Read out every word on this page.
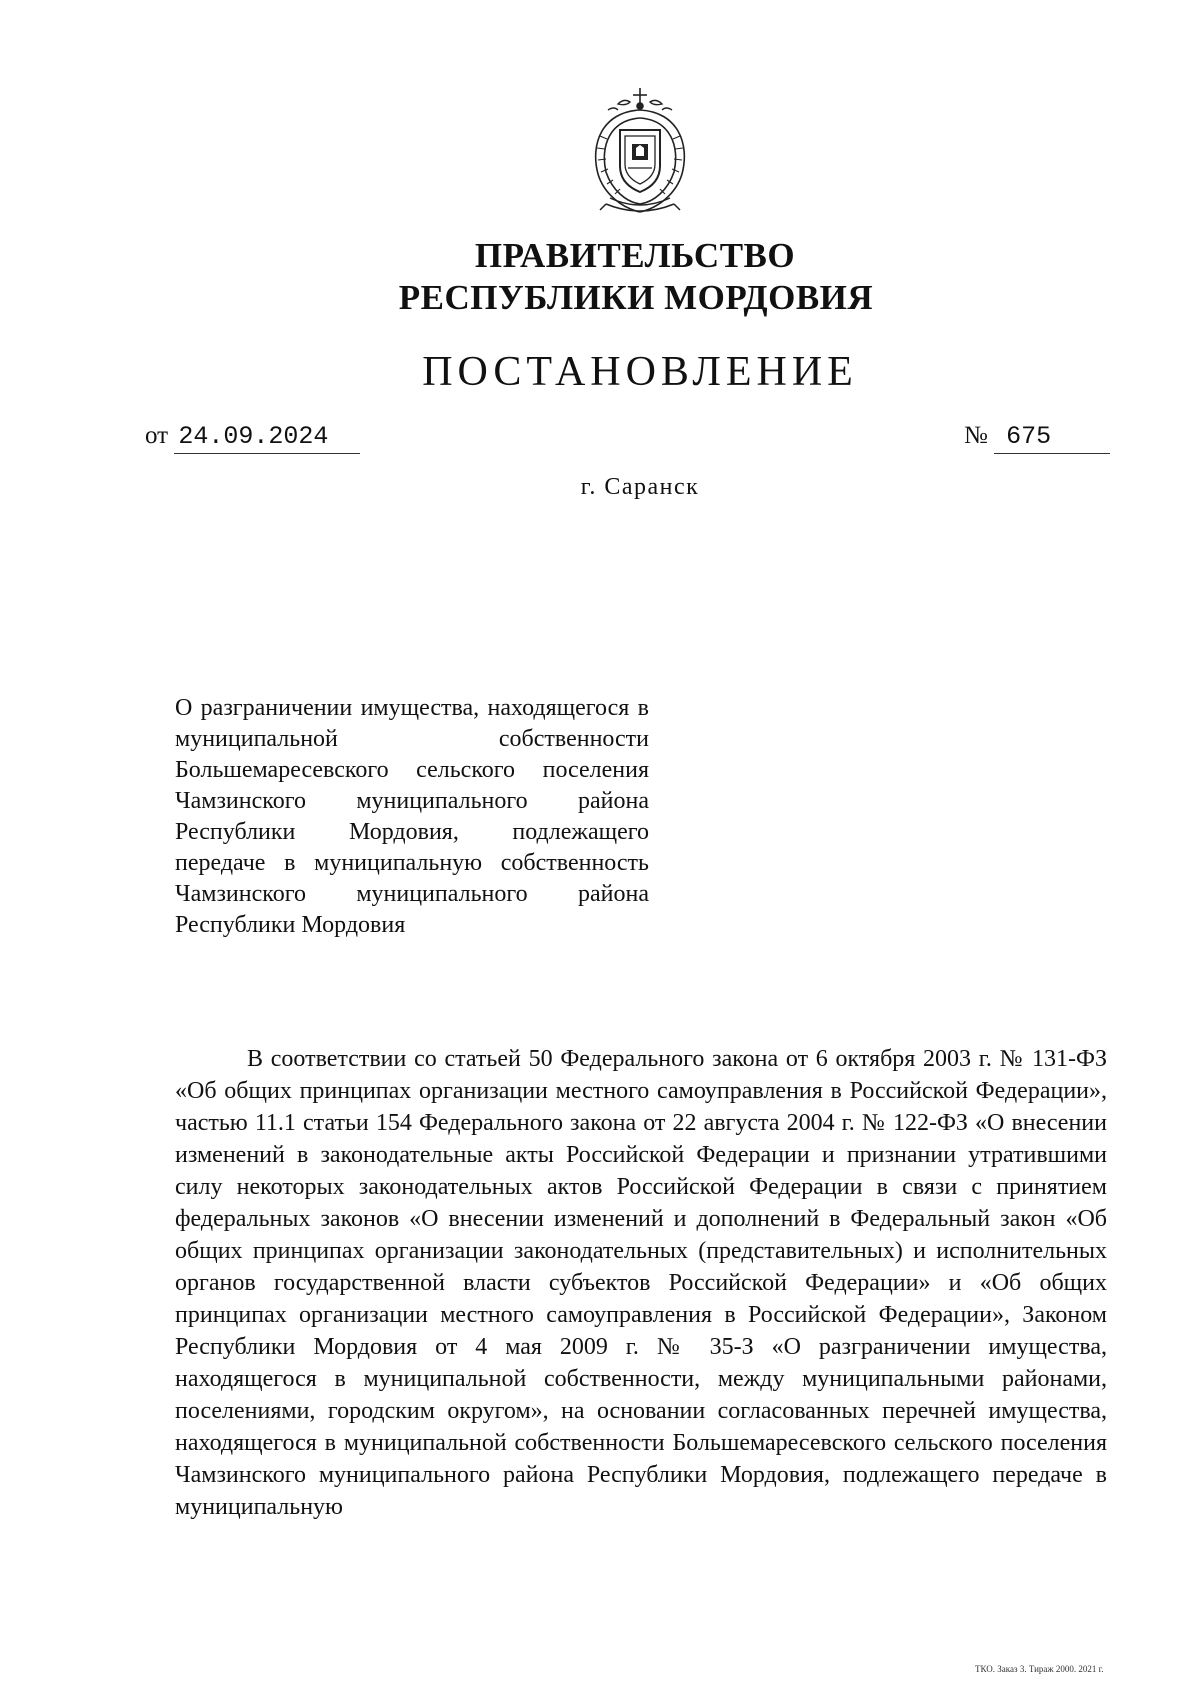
ПРАВИТЕЛЬСТВО
РЕСПУБЛИКИ МОРДОВИЯ
ПОСТАНОВЛЕНИЕ
от 24.09.2024	№ 675
г. Саранск
О разграничении имущества, находящегося в муниципальной собственности Большемаресевского сельского поселения Чамзинского муниципального района Республики Мордовия, подлежащего передаче в муниципальную собственность Чамзинского муниципального района Республики Мордовия
В соответствии со статьей 50 Федерального закона от 6 октября 2003 г. № 131-ФЗ «Об общих принципах организации местного самоуправления в Российской Федерации», частью 11.1 статьи 154 Федерального закона от 22 августа 2004 г. № 122-ФЗ «О внесении изменений в законодательные акты Российской Федерации и признании утратившими силу некоторых законодательных актов Российской Федерации в связи с принятием федеральных законов «О внесении изменений и дополнений в Федеральный закон «Об общих принципах организации законодательных (представительных) и исполнительных органов государственной власти субъектов Российской Федерации» и «Об общих принципах организации местного самоуправления в Российской Федерации», Законом Республики Мордовия от 4 мая 2009 г. № 35-З «О разграничении имущества, находящегося в муниципальной собственности, между муниципальными районами, поселениями, городским округом», на основании согласованных перечней имущества, находящегося в муниципальной собственности Большемаресевского сельского поселения Чамзинского муниципального района Республики Мордовия, подлежащего передаче в муниципальную
ТКО. Заказ 3. Тираж 2000. 2021 г.
